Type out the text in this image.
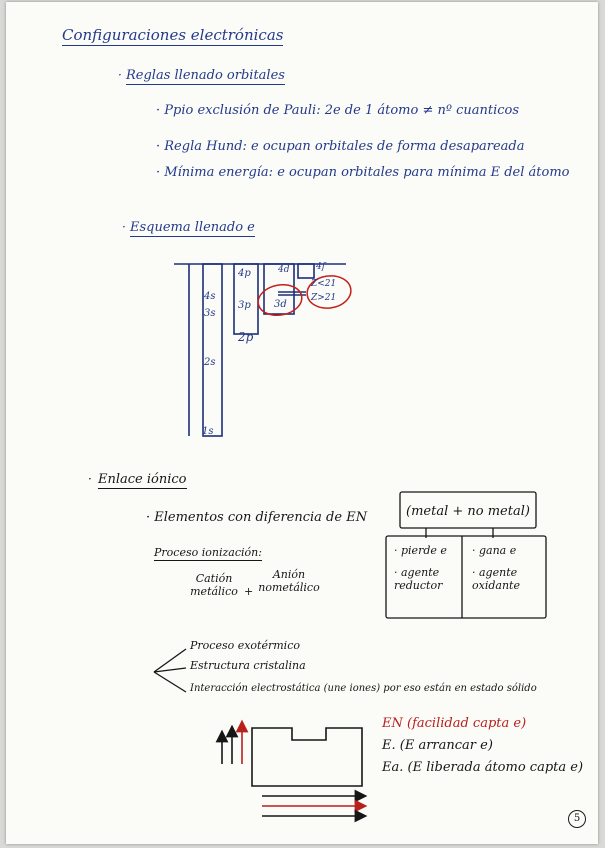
Configuraciones electrónicas
· Reglas llenado orbitales
· Ppio exclusión de Pauli: 2e de 1 átomo ≠ nº cuanticos
· Regla Hund: e ocupan orbitales de forma desapareada
· Mínima energía: e ocupan orbitales para mínima E del átomo
· Esquema llenado e
1s
2s
3s
4s
4p
3p
2p
3d
4d	4f
Z<21
Z>21
· Enlace iónico
· Elementos con diferencia de EN	(metal + no metal)
· pierde e
· agente reductor
· gana e
· agente oxidante
Proceso ionización:
Catión metálico +
Anión nometálico
Proceso exotérmico
Estructura cristalina
Interacción electrostática (une iones) por eso están en estado sólido
EN (facilidad capta e)
E. (E arrancar e)
Ea. (E liberada átomo capta e)
5
